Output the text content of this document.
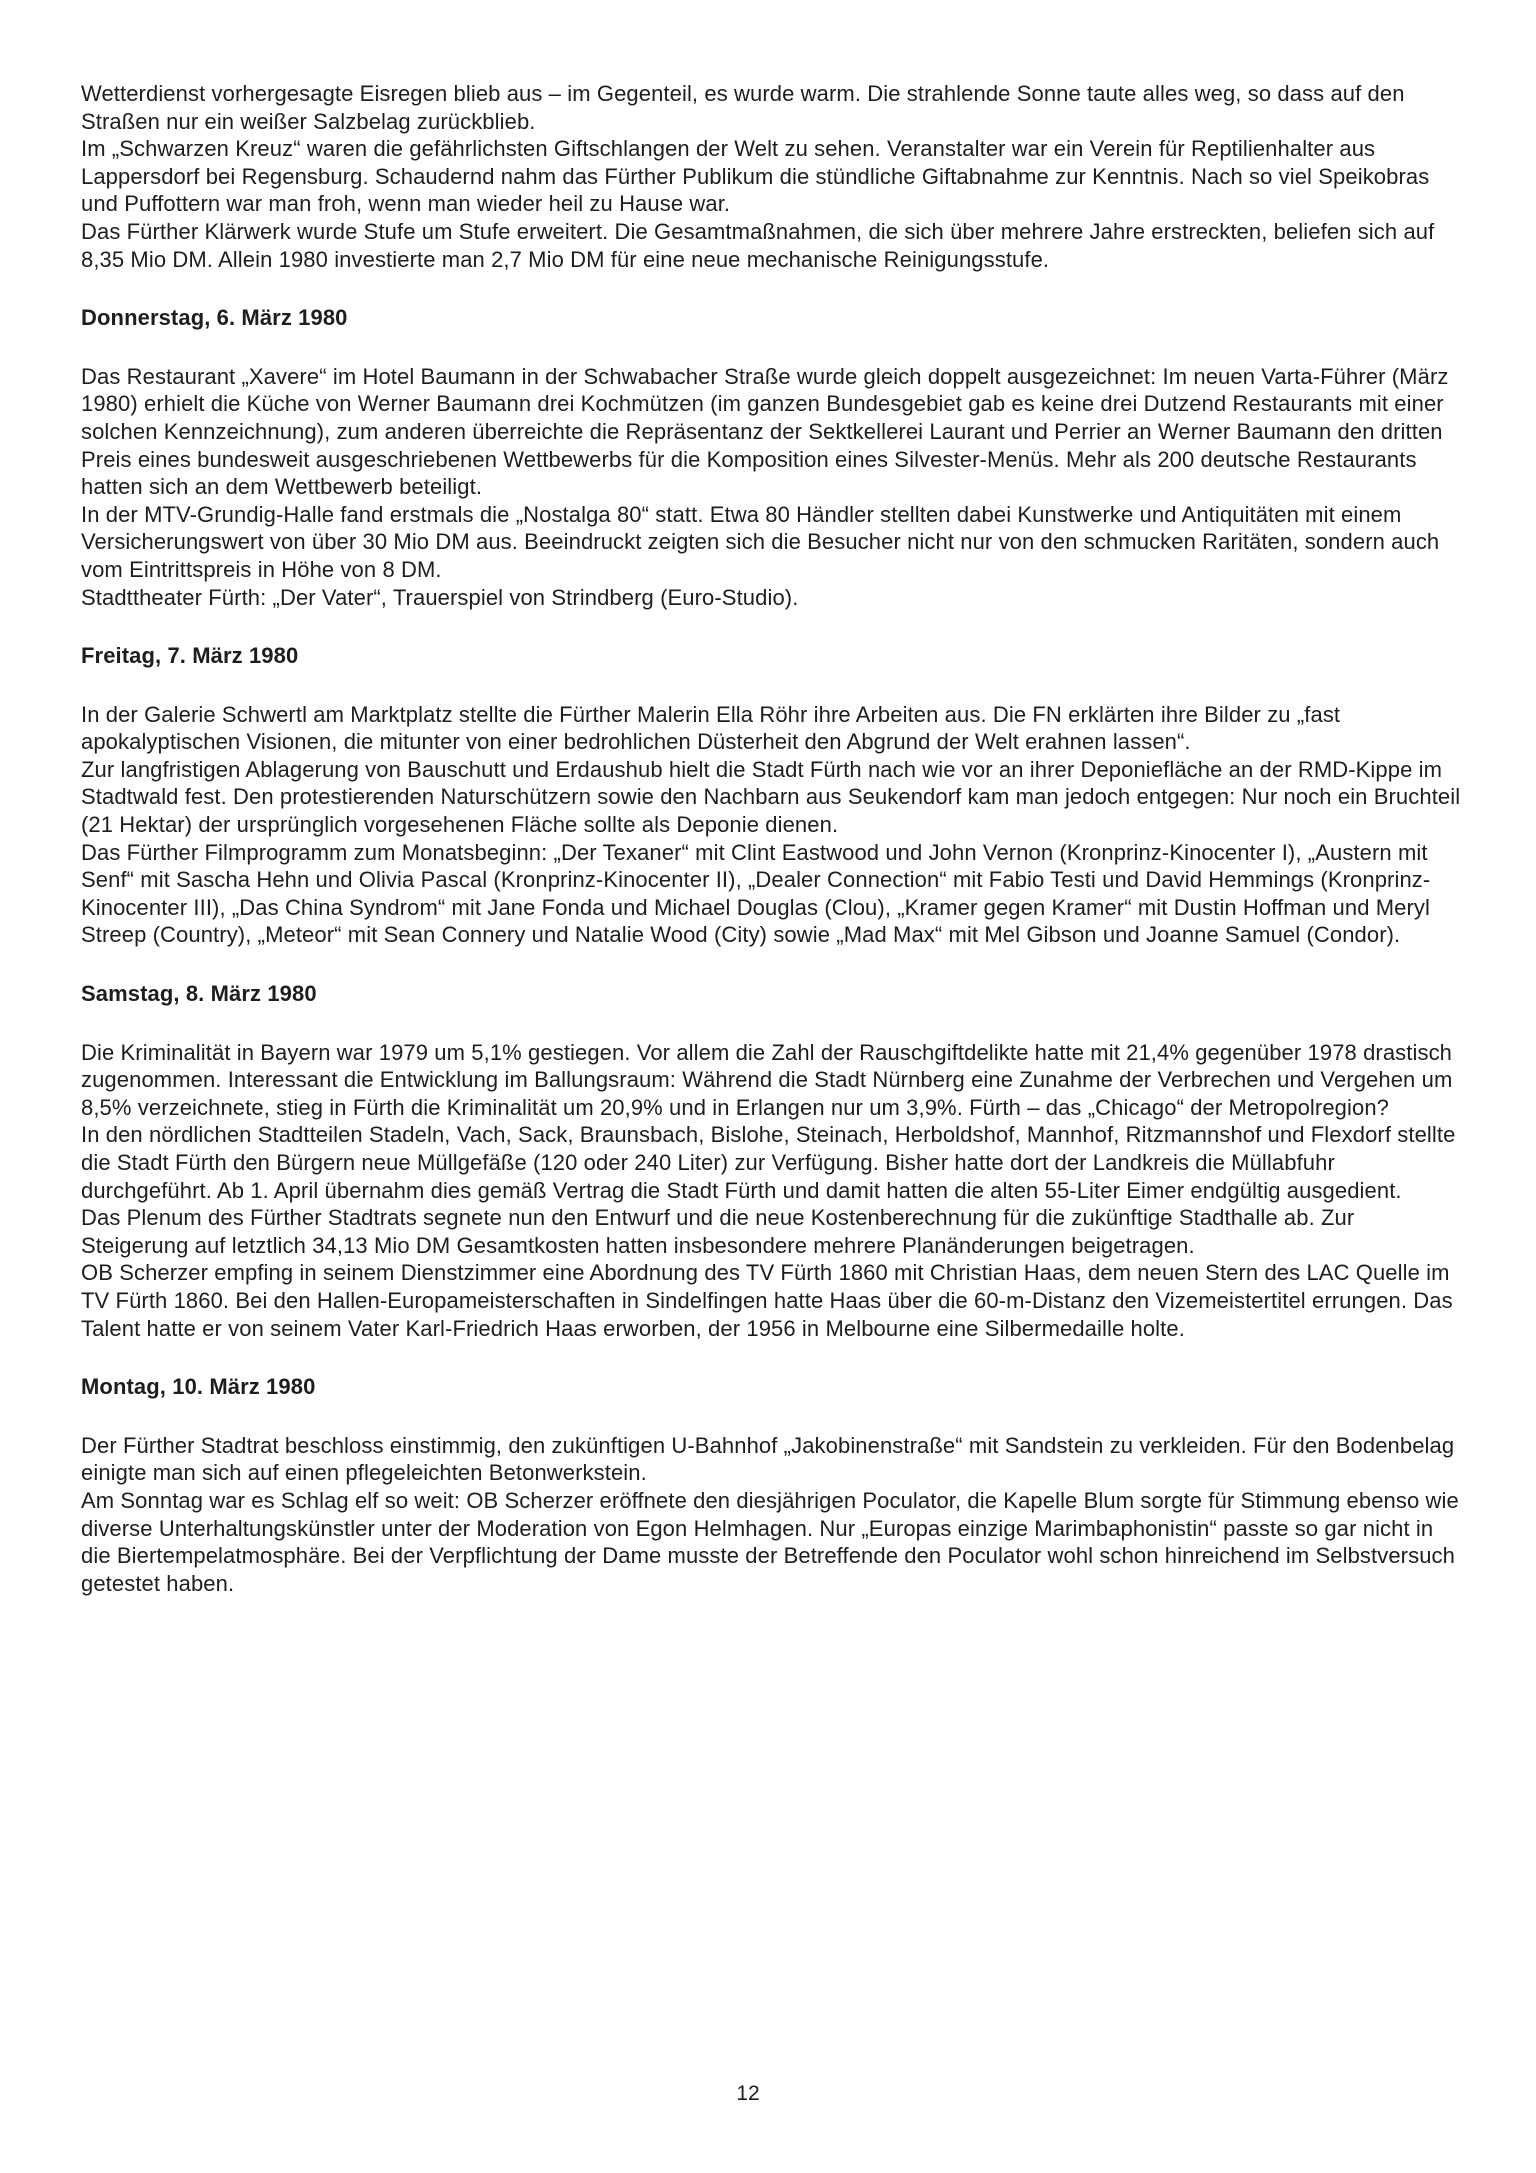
Wetterdienst vorhergesagte Eisregen blieb aus – im Gegenteil, es wurde warm. Die strahlende Sonne taute alles weg, so dass auf den Straßen nur ein weißer Salzbelag zurückblieb.

Im „Schwarzen Kreuz“ waren die gefährlichsten Giftschlangen der Welt zu sehen. Veranstalter war ein Verein für Reptilienhalter aus Lappersdorf bei Regensburg. Schaudernd nahm das Fürther Publikum die stündliche Giftabnahme zur Kenntnis. Nach so viel Speikobras und Puffottern war man froh, wenn man wieder heil zu Hause war.

Das Fürther Klärwerk wurde Stufe um Stufe erweitert. Die Gesamtmaßnahmen, die sich über mehrere Jahre erstreckten, beliefen sich auf 8,35 Mio DM. Allein 1980 investierte man 2,7 Mio DM für eine neue mechanische Reinigungsstufe.

Donnerstag, 6. März 1980

Das Restaurant „Xavere“ im Hotel Baumann in der Schwabacher Straße wurde gleich doppelt ausgezeichnet: Im neuen Varta-Führer (März 1980) erhielt die Küche von Werner Baumann drei Kochmützen (im ganzen Bundesgebiet gab es keine drei Dutzend Restaurants mit einer solchen Kennzeichnung), zum anderen überreichte die Repräsentanz der Sektkellerei Laurant und Perrier an Werner Baumann den dritten Preis eines bundesweit ausgeschriebenen Wettbewerbs für die Komposition eines Silvester-Menüs. Mehr als 200 deutsche Restaurants hatten sich an dem Wettbewerb beteiligt.

In der MTV-Grundig-Halle fand erstmals die „Nostalga 80“ statt. Etwa 80 Händler stellten dabei Kunstwerke und Antiquitäten mit einem Versicherungswert von über 30 Mio DM aus. Beeindruckt zeigten sich die Besucher nicht nur von den schmucken Raritäten, sondern auch vom Eintrittspreis in Höhe von 8 DM.

Stadttheater Fürth: „Der Vater“, Trauerspiel von Strindberg (Euro-Studio).

Freitag, 7. März 1980

In der Galerie Schwertl am Marktplatz stellte die Fürther Malerin Ella Röhr ihre Arbeiten aus. Die FN erklärten ihre Bilder zu „fast apokalyptischen Visionen, die mitunter von einer bedrohlichen Düsterheit den Abgrund der Welt erahnen lassen“.

Zur langfristigen Ablagerung von Bauschutt und Erdaushub hielt die Stadt Fürth nach wie vor an ihrer Deponiefläche an der RMD-Kippe im Stadtwald fest. Den protestierenden Naturschützern sowie den Nachbarn aus Seukendorf kam man jedoch entgegen: Nur noch ein Bruchteil (21 Hektar) der ursprünglich vorgesehenen Fläche sollte als Deponie dienen.

Das Fürther Filmprogramm zum Monatsbeginn: „Der Texaner“ mit Clint Eastwood und John Vernon (Kronprinz-Kinocenter I), „Austern mit Senf“ mit Sascha Hehn und Olivia Pascal (Kronprinz-Kinocenter II), „Dealer Connection“ mit Fabio Testi und David Hemmings (Kronprinz-Kinocenter III), „Das China Syndrom“ mit Jane Fonda und Michael Douglas (Clou), „Kramer gegen Kramer“ mit Dustin Hoffman und Meryl Streep (Country), „Meteor“ mit Sean Connery und Natalie Wood (City) sowie „Mad Max“ mit Mel Gibson und Joanne Samuel (Condor).

Samstag, 8. März 1980

Die Kriminalität in Bayern war 1979 um 5,1% gestiegen. Vor allem die Zahl der Rauschgiftdelikte hatte mit 21,4% gegenüber 1978 drastisch zugenommen. Interessant die Entwicklung im Ballungsraum: Während die Stadt Nürnberg eine Zunahme der Verbrechen und Vergehen um 8,5% verzeichnete, stieg in Fürth die Kriminalität um 20,9% und in Erlangen nur um 3,9%. Fürth – das „Chicago“ der Metropolregion?

In den nördlichen Stadtteilen Stadeln, Vach, Sack, Braunsbach, Bislohe, Steinach, Herboldshof, Mannhof, Ritzmannshof und Flexdorf stellte die Stadt Fürth den Bürgern neue Müllgefäße (120 oder 240 Liter) zur Verfügung. Bisher hatte dort der Landkreis die Müllabfuhr durchgeführt. Ab 1. April übernahm dies gemäß Vertrag die Stadt Fürth und damit hatten die alten 55-Liter Eimer endgültig ausgedient.

Das Plenum des Fürther Stadtrats segnete nun den Entwurf und die neue Kostenberechnung für die zukünftige Stadthalle ab. Zur Steigerung auf letztlich 34,13 Mio DM Gesamtkosten hatten insbesondere mehrere Planänderungen beigetragen.

OB Scherzer empfing in seinem Dienstzimmer eine Abordnung des TV Fürth 1860 mit Christian Haas, dem neuen Stern des LAC Quelle im TV Fürth 1860. Bei den Hallen-Europameisterschaften in Sindelfingen hatte Haas über die 60-m-Distanz den Vizemeistertitel errungen. Das Talent hatte er von seinem Vater Karl-Friedrich Haas erworben, der 1956 in Melbourne eine Silbermedaille holte.

Montag, 10. März 1980

Der Fürther Stadtrat beschloss einstimmig, den zukünftigen U-Bahnhof „Jakobinenstraße“ mit Sandstein zu verkleiden. Für den Bodenbelag einigte man sich auf einen pflegeleichten Betonwerkstein.

Am Sonntag war es Schlag elf so weit: OB Scherzer eröffnete den diesjährigen Poculator, die Kapelle Blum sorgte für Stimmung ebenso wie diverse Unterhaltungskünstler unter der Moderation von Egon Helmhagen. Nur „Europas einzige Marimbaphonistin“ passte so gar nicht in die Biertempelatmosphäre. Bei der Verpflichtung der Dame musste der Betreffende den Poculator wohl schon hinreichend im Selbstversuch getestet haben.

12
